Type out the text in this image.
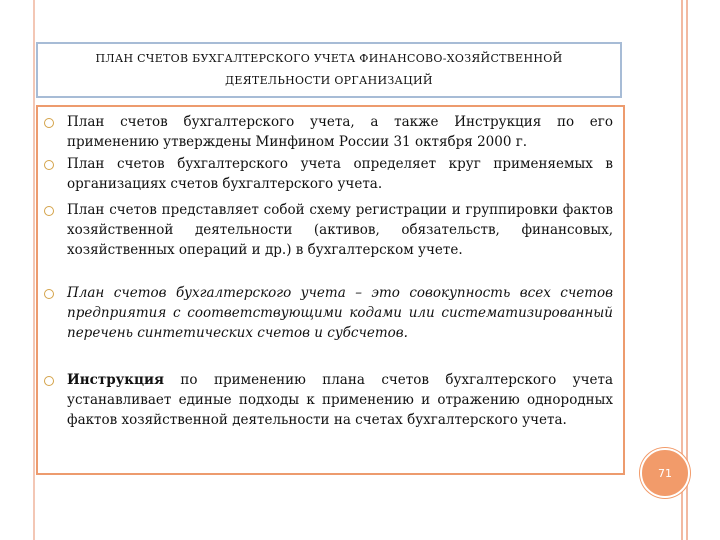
ПЛАН СЧЕТОВ БУХГАЛТЕРСКОГО УЧЕТА ФИНАНСОВО-ХОЗЯЙСТВЕННОЙ
ДЕЯТЕЛЬНОСТИ ОРГАНИЗАЦИЙ
План счетов бухгалтерского учета, а также Инструкция по его применению утверждены Минфином России 31 октября 2000 г.
План счетов бухгалтерского учета определяет круг применяемых в организациях счетов бухгалтерского учета.
План счетов представляет собой схему регистрации и группировки фактов хозяйственной деятельности (активов, обязательств, финансовых, хозяйственных операций и др.) в бухгалтерском учете.
План счетов бухгалтерского учета – это совокупность всех счетов предприятия с соответствующими кодами или систематизированный перечень синтетических счетов и субсчетов.
Инструкция по применению плана счетов бухгалтерского учета устанавливает единые подходы к применению и отражению однородных фактов хозяйственной деятельности на счетах бухгалтерского учета.
71
